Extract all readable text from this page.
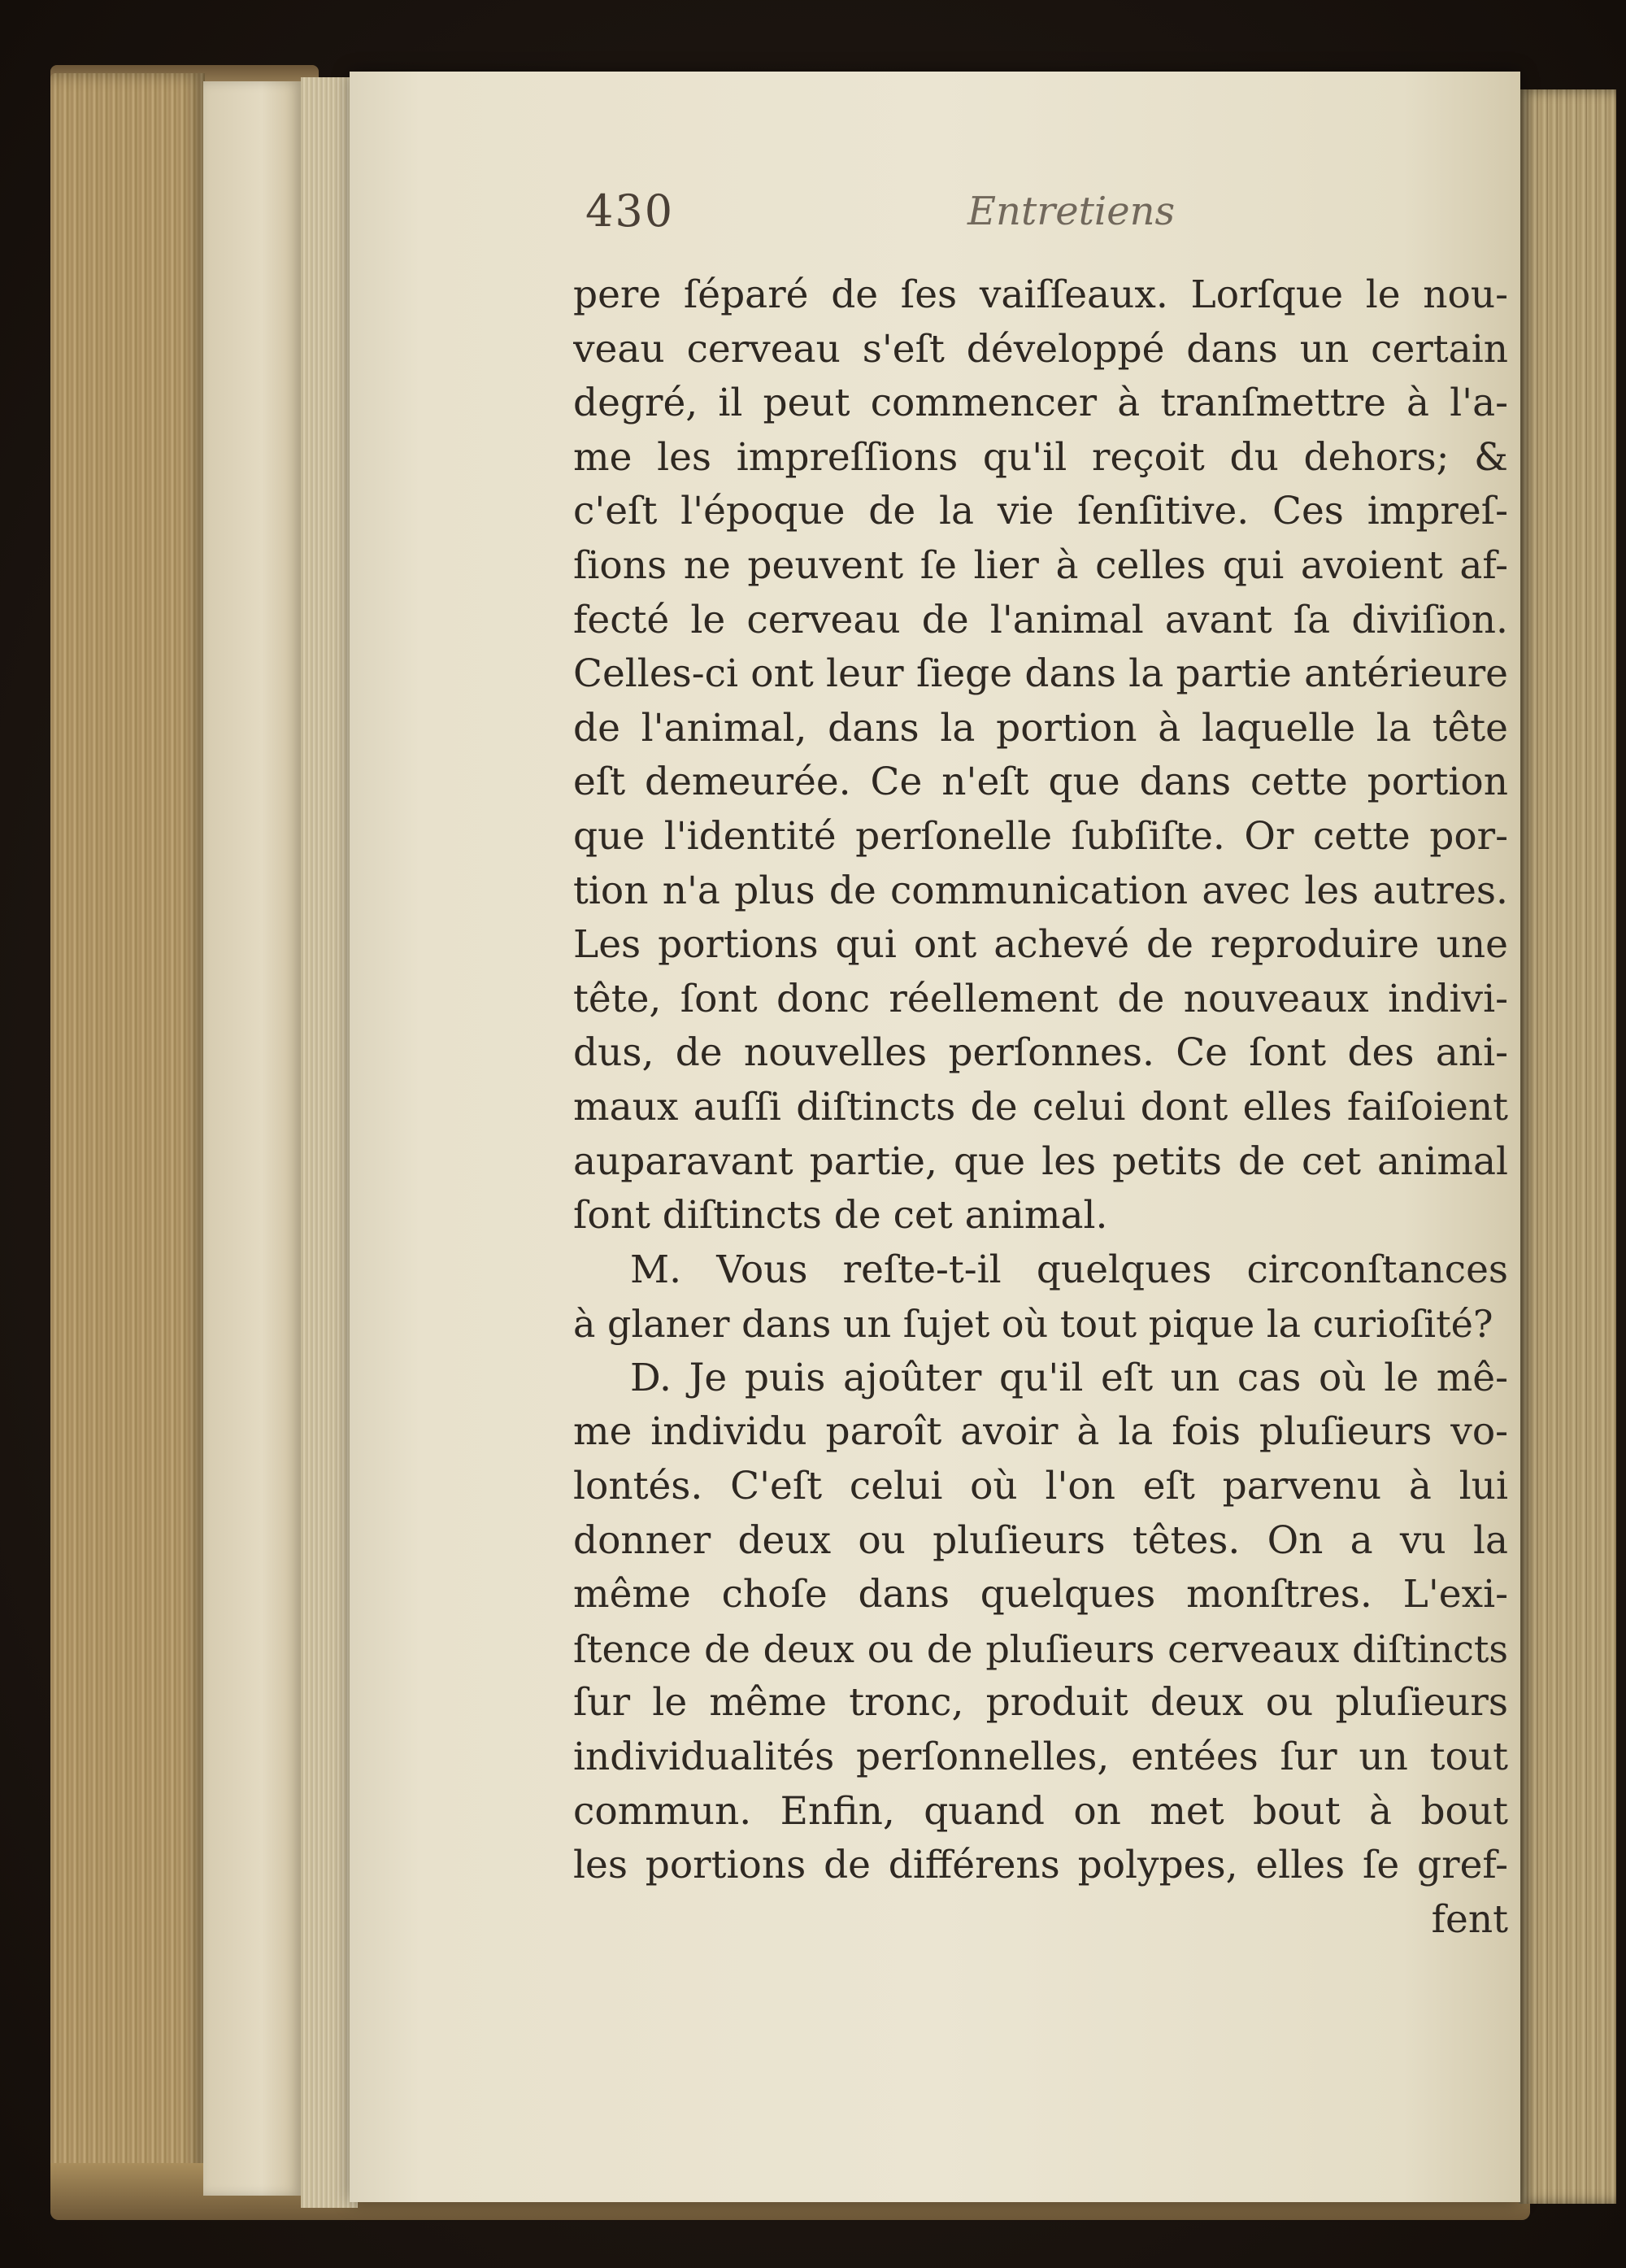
430	Entretiens
pere ſéparé de ſes vaiſſeaux. Lorſque le nou-
veau cerveau s'eſt développé dans un certain
degré, il peut commencer à tranſmettre à l'a-
me les impreſſions qu'il reçoit du dehors; &
c'eſt l'époque de la vie ſenſitive. Ces impreſ-
ſions ne peuvent ſe lier à celles qui avoient af-
fecté le cerveau de l'animal avant ſa diviſion.
Celles-ci ont leur ſiege dans la partie antérieure
de l'animal, dans la portion à laquelle la tête
eſt demeurée. Ce n'eſt que dans cette portion
que l'identité perſonelle ſubſiſte. Or cette por-
tion n'a plus de communication avec les autres.
Les portions qui ont achevé de reproduire une
tête, ſont donc réellement de nouveaux indivi-
dus, de nouvelles perſonnes. Ce ſont des ani-
maux auſſi diſtincts de celui dont elles faiſoient
auparavant partie, que les petits de cet animal
ſont diſtincts de cet animal.
M. Vous reſte-t-il quelques circonſtances
à glaner dans un ſujet où tout pique la curioſité?
D. Je puis ajoûter qu'il eſt un cas où le mê-
me individu paroît avoir à la fois pluſieurs vo-
lontés. C'eſt celui où l'on eſt parvenu à lui
donner deux ou pluſieurs têtes. On a vu la
même choſe dans quelques monſtres. L'exi-
ſtence de deux ou de pluſieurs cerveaux diſtincts
ſur le même tronc, produit deux ou pluſieurs
individualités perſonnelles, entées ſur un tout
commun. Enfin, quand on met bout à bout
les portions de différens polypes, elles ſe gref-
fent
